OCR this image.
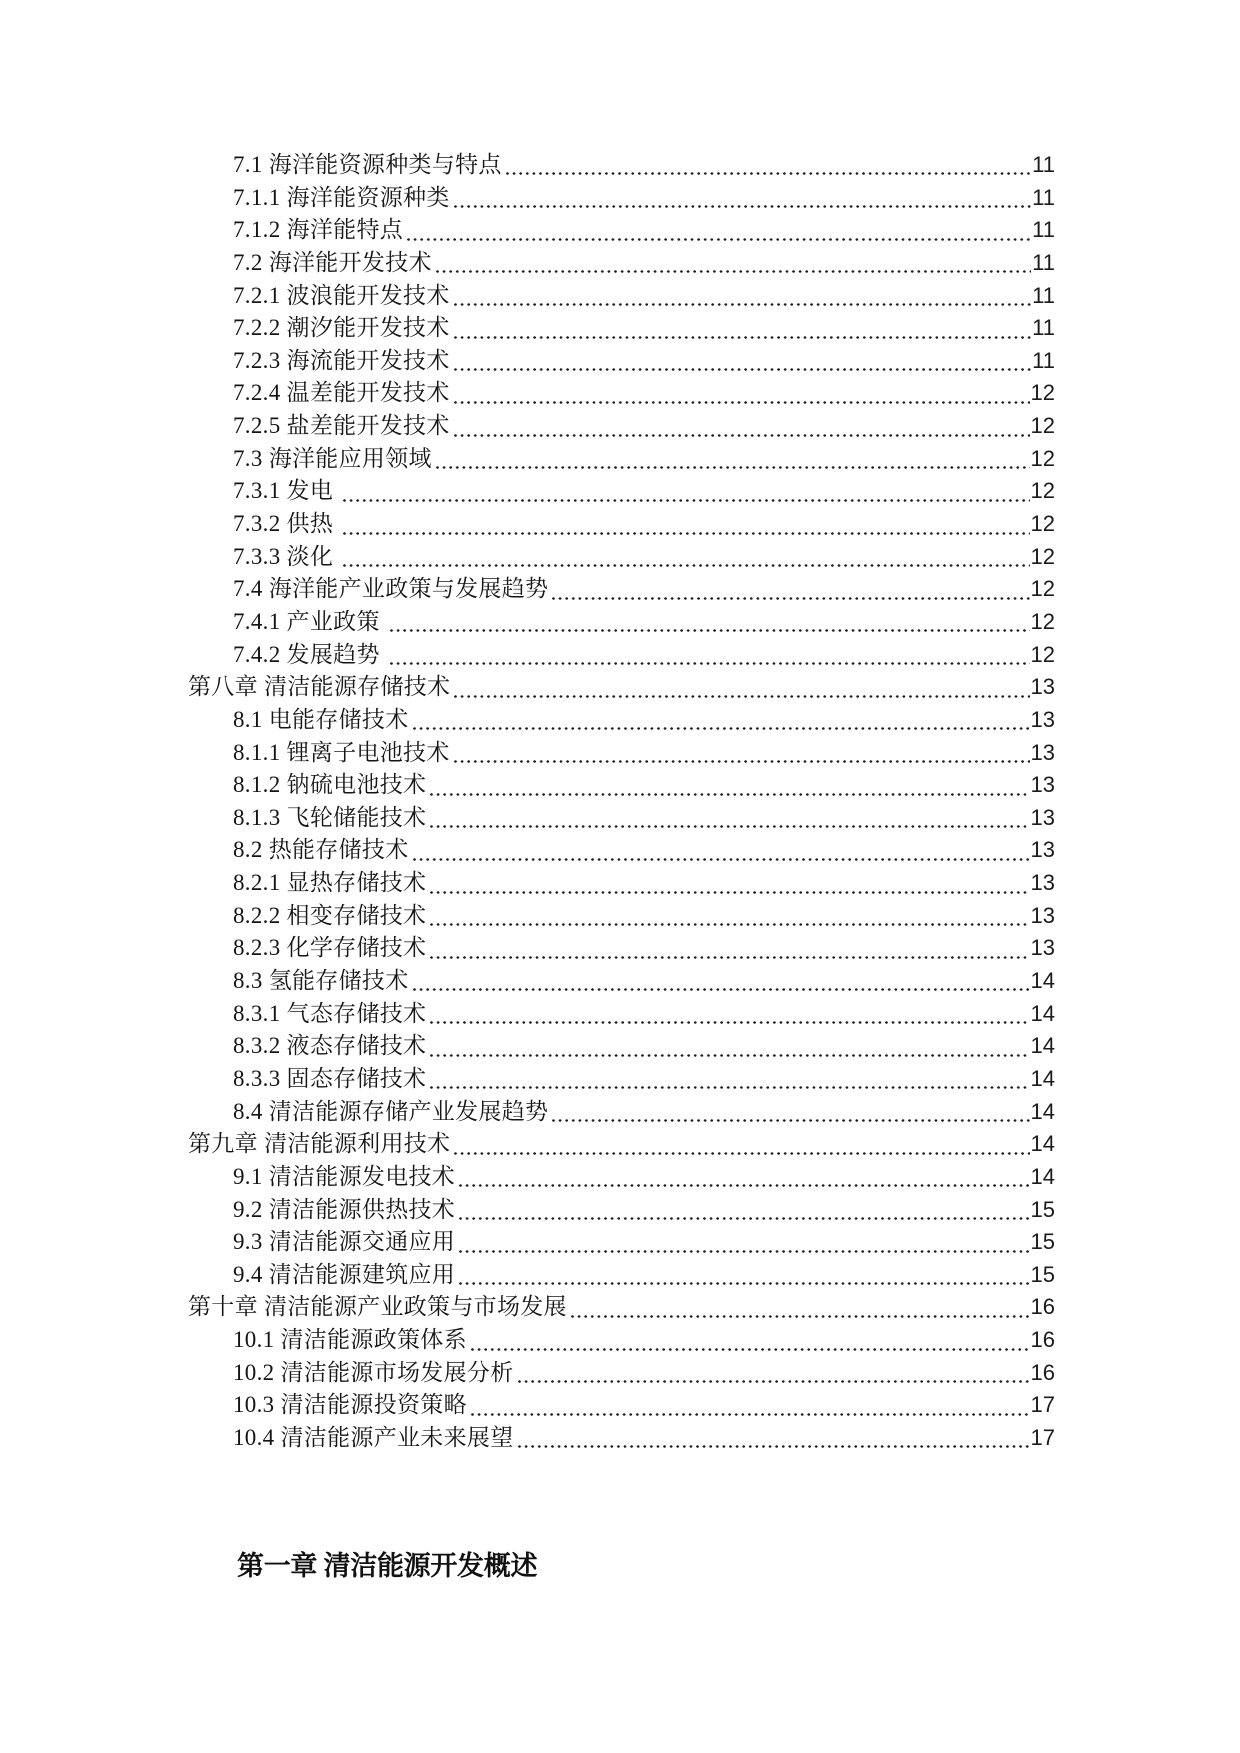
7.1 海洋能资源种类与特点	11
7.1.1 海洋能资源种类	11
7.1.2 海洋能特点	11
7.2 海洋能开发技术	11
7.2.1 波浪能开发技术	11
7.2.2 潮汐能开发技术	11
7.2.3 海流能开发技术	11
7.2.4 温差能开发技术	12
7.2.5 盐差能开发技术	12
7.3 海洋能应用领域	12
7.3.1 发电	12
7.3.2 供热	12
7.3.3 淡化	12
7.4 海洋能产业政策与发展趋势	12
7.4.1 产业政策	12
7.4.2 发展趋势	12
第八章 清洁能源存储技术	13
8.1 电能存储技术	13
8.1.1 锂离子电池技术	13
8.1.2 钠硫电池技术	13
8.1.3 飞轮储能技术	13
8.2 热能存储技术	13
8.2.1 显热存储技术	13
8.2.2 相变存储技术	13
8.2.3 化学存储技术	13
8.3 氢能存储技术	14
8.3.1 气态存储技术	14
8.3.2 液态存储技术	14
8.3.3 固态存储技术	14
8.4 清洁能源存储产业发展趋势	14
第九章 清洁能源利用技术	14
9.1 清洁能源发电技术	14
9.2 清洁能源供热技术	15
9.3 清洁能源交通应用	15
9.4 清洁能源建筑应用	15
第十章 清洁能源产业政策与市场发展	16
10.1 清洁能源政策体系	16
10.2 清洁能源市场发展分析	16
10.3 清洁能源投资策略	17
10.4 清洁能源产业未来展望	17
第一章 清洁能源开发概述
